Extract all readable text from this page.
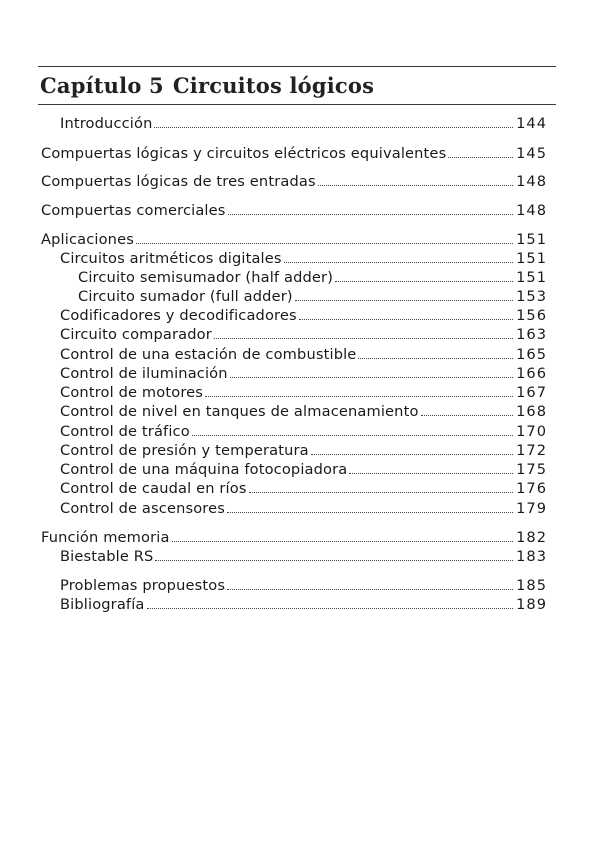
Capítulo 5 Circuitos lógicos
Introducción	144
Compuertas lógicas y circuitos eléctricos equivalentes	145
Compuertas lógicas de tres entradas	148
Compuertas comerciales	148
Aplicaciones	151
Circuitos aritméticos digitales	151
Circuito semisumador (half adder)	151
Circuito sumador (full adder)	153
Codificadores y decodificadores	156
Circuito comparador	163
Control de una estación de combustible	165
Control de iluminación	166
Control de motores	167
Control de nivel en tanques de almacenamiento	168
Control de tráfico	170
Control de presión y temperatura	172
Control de una máquina fotocopiadora	175
Control de caudal en ríos	176
Control de ascensores	179
Función memoria	182
Biestable RS	183
Problemas propuestos	185
Bibliografía	189
